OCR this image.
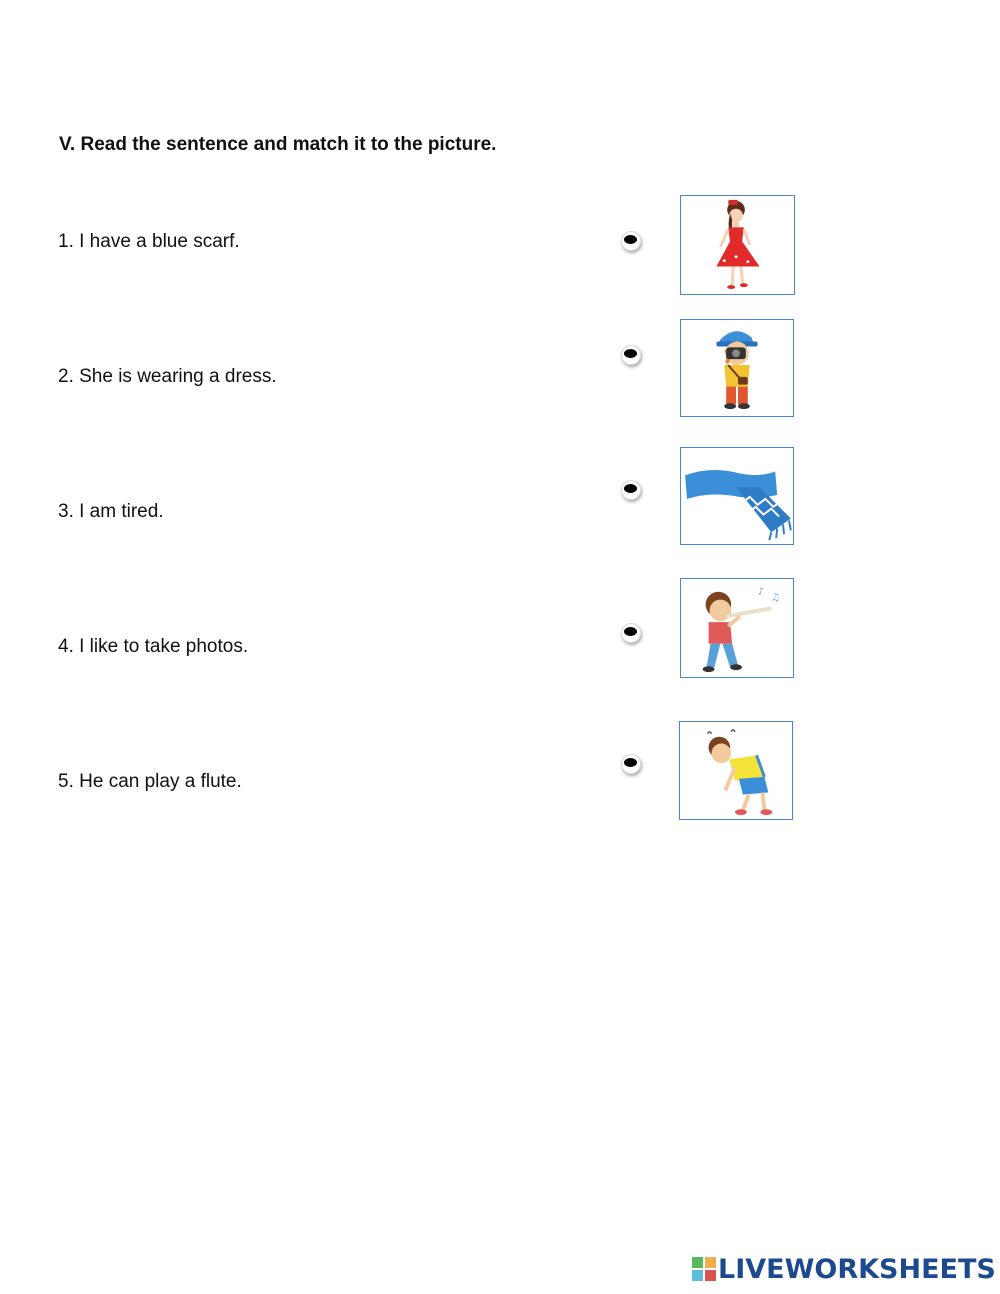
V. Read the sentence and match it to the picture.
1. I have a blue scarf.
2. She is wearing a dress.
3. I am tired.
4. I like to take photos.
5. He can play a flute.
♪
♫
LIVEWORKSHEETS
